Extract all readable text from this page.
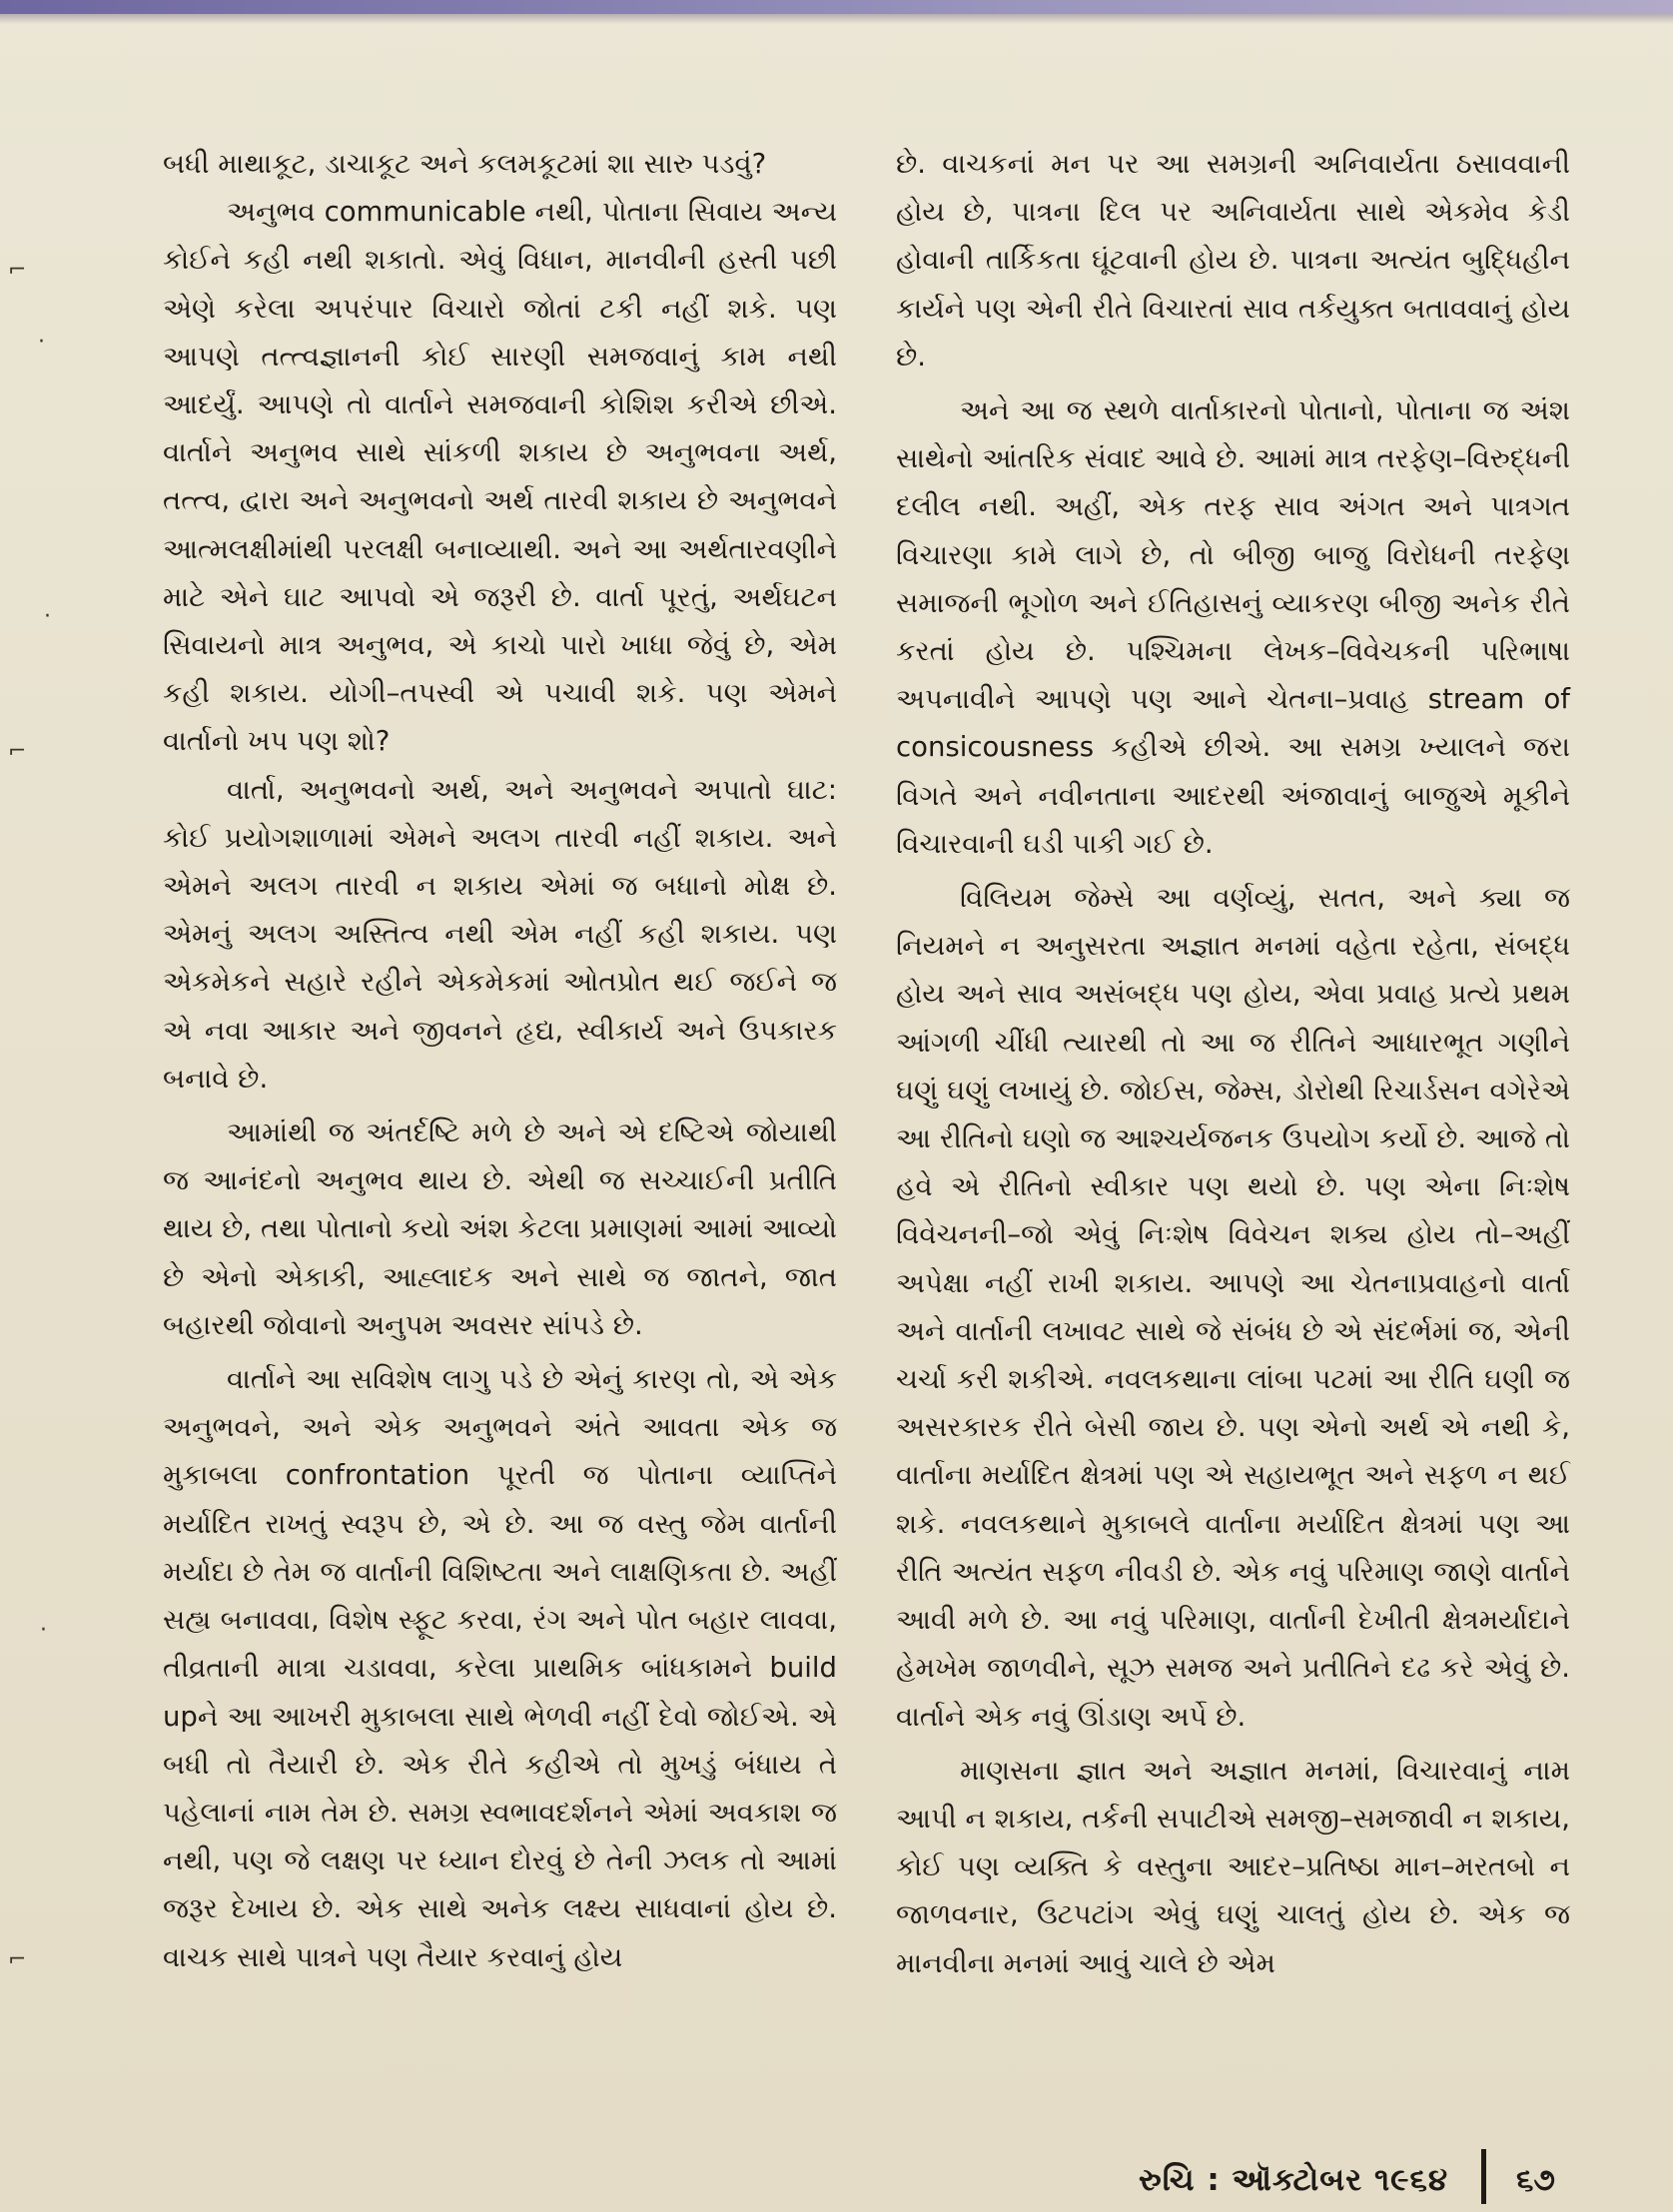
⌐
·
·
⌐
·
⌐

બધી માથાકૂટ, ડાચાકૂટ અને કલમકૂટમાં શા સારુ પડવું?

અનુભવ communicable નથી, પોતાના સિવાય અન્ય કોઈને કહી નથી શકાતો. એવું વિધાન, માનવીની હસ્તી પછી એણે કરેલા અપરંપાર વિચારો જોતાં ટકી નહીં શકે. પણ આપણે તત્ત્વજ્ઞાનની કોઈ સારણી સમજવાનું કામ નથી આદર્યું. આપણે તો વાર્તાને સમજવાની કોશિશ કરીએ છીએ. વાર્તાને અનુભવ સાથે સાંકળી શકાય છે અનુભવના અર્થ, તત્ત્વ, દ્વારા અને અનુભવનો અર્થ તારવી શકાય છે અનુભવને આત્મલક્ષીમાંથી પરલક્ષી બનાવ્યાથી. અને આ અર્થતારવણીને માટે એને ઘાટ આપવો એ જરૂરી છે. વાર્તા પૂરતું, અર્થઘટન સિવાયનો માત્ર અનુભવ, એ કાચો પારો ખાધા જેવું છે, એમ કહી શકાય. યોગી–તપસ્વી એ પચાવી શકે. પણ એમને વાર્તાનો ખપ પણ શો?

વાર્તા, અનુભવનો અર્થ, અને અનુભવને અપાતો ઘાટ: કોઈ પ્રયોગશાળામાં એમને અલગ તારવી નહીં શકાય. અને એમને અલગ તારવી ન શકાય એમાં જ બધાનો મોક્ષ છે. એમનું અલગ અસ્તિત્વ નથી એમ નહીં કહી શકાય. પણ એકમેકને સહારે રહીને એકમેકમાં ઓતપ્રોત થઈ જઈને જ એ નવા આકાર અને જીવનને હૃદ્ય, સ્વીકાર્ય અને ઉપકારક બનાવે છે.

આમાંથી જ અંતર્દષ્ટિ મળે છે અને એ દષ્ટિએ જોયાથી જ આનંદનો અનુભવ થાય છે. એથી જ સચ્ચાઈની પ્રતીતિ થાય છે, તથા પોતાનો કયો અંશ કેટલા પ્રમાણમાં આમાં આવ્યો છે એનો એકાકી, આહ્લાદક અને સાથે જ જાતને, જાત બહારથી જોવાનો અનુપમ અવસર સાંપડે છે.

વાર્તાને આ સવિશેષ લાગુ પડે છે એનું કારણ તો, એ એક અનુભવને, અને એક અનુભવને અંતે આવતા એક જ મુકાબલા confrontation પૂરતી જ પોતાના વ્યાપ્તિને મર્યાદિત રાખતું સ્વરૂપ છે, એ છે. આ જ વસ્તુ જેમ વાર્તાની મર્યાદા છે તેમ જ વાર્તાની વિશિષ્ટતા અને લાક્ષણિકતા છે. અહીં સહ્ય બનાવવા, વિશેષ સ્ફૂટ કરવા, રંગ અને પોત બહાર લાવવા, તીવ્રતાની માત્રા ચડાવવા, કરેલા પ્રાથમિક બાંધકામને build upને આ આખરી મુકાબલા સાથે ભેળવી નહીં દેવો જોઈએ. એ બધી તો તૈયારી છે. એક રીતે કહીએ તો મુખડું બંધાય તે પહેલાનાં નામ તેમ છે. સમગ્ર સ્વભાવદર્શનને એમાં અવકાશ જ નથી, પણ જે લક્ષણ પર ધ્યાન દોરવું છે તેની ઝલક તો આમાં જરૂર દેખાય છે. એક સાથે અનેક લક્ષ્ય સાધવાનાં હોય છે. વાચક સાથે પાત્રને પણ તૈયાર કરવાનું હોય

છે. વાચકનાં મન પર આ સમગ્રની અનિવાર્યતા ઠસાવવાની હોય છે, પાત્રના દિલ પર અનિવાર્યતા સાથે એકમેવ કેડી હોવાની તાર્કિકતા ઘૂંટવાની હોય છે. પાત્રના અત્યંત બુદ્ધિહીન કાર્યને પણ એની રીતે વિચારતાં સાવ તર્કયુક્ત બતાવવાનું હોય છે.

અને આ જ સ્થળે વાર્તાકારનો પોતાનો, પોતાના જ અંશ સાથેનો આંતરિક સંવાદ આવે છે. આમાં માત્ર તરફેણ–વિરુદ્ધની દલીલ નથી. અહીં, એક તરફ સાવ અંગત અને પાત્રગત વિચારણા કામે લાગે છે, તો બીજી બાજુ વિરોધની તરફેણ સમાજની ભૂગોળ અને ઈતિહાસનું વ્યાકરણ બીજી અનેક રીતે કરતાં હોય છે. પશ્ચિમના લેખક–વિવેચકની પરિભાષા અપનાવીને આપણે પણ આને ચેતના–પ્રવાહ stream of consicousness કહીએ છીએ. આ સમગ્ર ખ્યાલને જરા વિગતે અને નવીનતાના આદરથી અંજાવાનું બાજુએ મૂકીને વિચારવાની ઘડી પાકી ગઈ છે.

વિલિયમ જેમ્સે આ વર્ણવ્યું, સતત, અને ક્યા જ નિયમને ન અનુસરતા અજ્ઞાત મનમાં વહેતા રહેતા, સંબદ્ધ હોય અને સાવ અસંબદ્ધ પણ હોય, એવા પ્રવાહ પ્રત્યે પ્રથમ આંગળી ચીંધી ત્યારથી તો આ જ રીતિને આધારભૂત ગણીને ઘણું ઘણું લખાયું છે. જોઈસ, જેમ્સ, ડોરોથી રિચાર્ડસન વગેરેએ આ રીતિનો ઘણો જ આશ્ચર્યજનક ઉપયોગ કર્યો છે. આજે તો હવે એ રીતિનો સ્વીકાર પણ થયો છે. પણ એના નિઃશેષ વિવેચનની–જો એવું નિઃશેષ વિવેચન શક્ય હોય તો–અહીં અપેક્ષા નહીં રાખી શકાય. આપણે આ ચેતનાપ્રવાહનો વાર્તા અને વાર્તાની લખાવટ સાથે જે સંબંધ છે એ સંદર્ભમાં જ, એની ચર્ચા કરી શકીએ. નવલકથાના લાંબા પટમાં આ રીતિ ઘણી જ અસરકારક રીતે બેસી જાય છે. પણ એનો અર્થ એ નથી કે, વાર્તાના મર્યાદિત ક્ષેત્રમાં પણ એ સહાયભૂત અને સફળ ન થઈ શકે. નવલકથાને મુકાબલે વાર્તાના મર્યાદિત ક્ષેત્રમાં પણ આ રીતિ અત્યંત સફળ નીવડી છે. એક નવું પરિમાણ જાણે વાર્તાને આવી મળે છે. આ નવું પરિમાણ, વાર્તાની દેખીતી ક્ષેત્રમર્યાદાને હેમખેમ જાળવીને, સૂઝ સમજ અને પ્રતીતિને દઢ કરે એવું છે. વાર્તાને એક નવું ઊંડાણ અર્પે છે.

માણસના જ્ઞાત અને અજ્ઞાત મનમાં, વિચારવાનું નામ આપી ન શકાય, તર્કની સપાટીએ સમજી–સમજાવી ન શકાય, કોઈ પણ વ્યક્તિ કે વસ્તુના આદર–પ્રતિષ્ઠા માન–મરતબો ન જાળવનાર, ઉટપટાંગ એવું ઘણું ચાલતું હોય છે. એક જ માનવીના મનમાં આવું ચાલે છે એમ

રુચિ : ઑક્ટોબર ૧૯૬૪ ૬૭
